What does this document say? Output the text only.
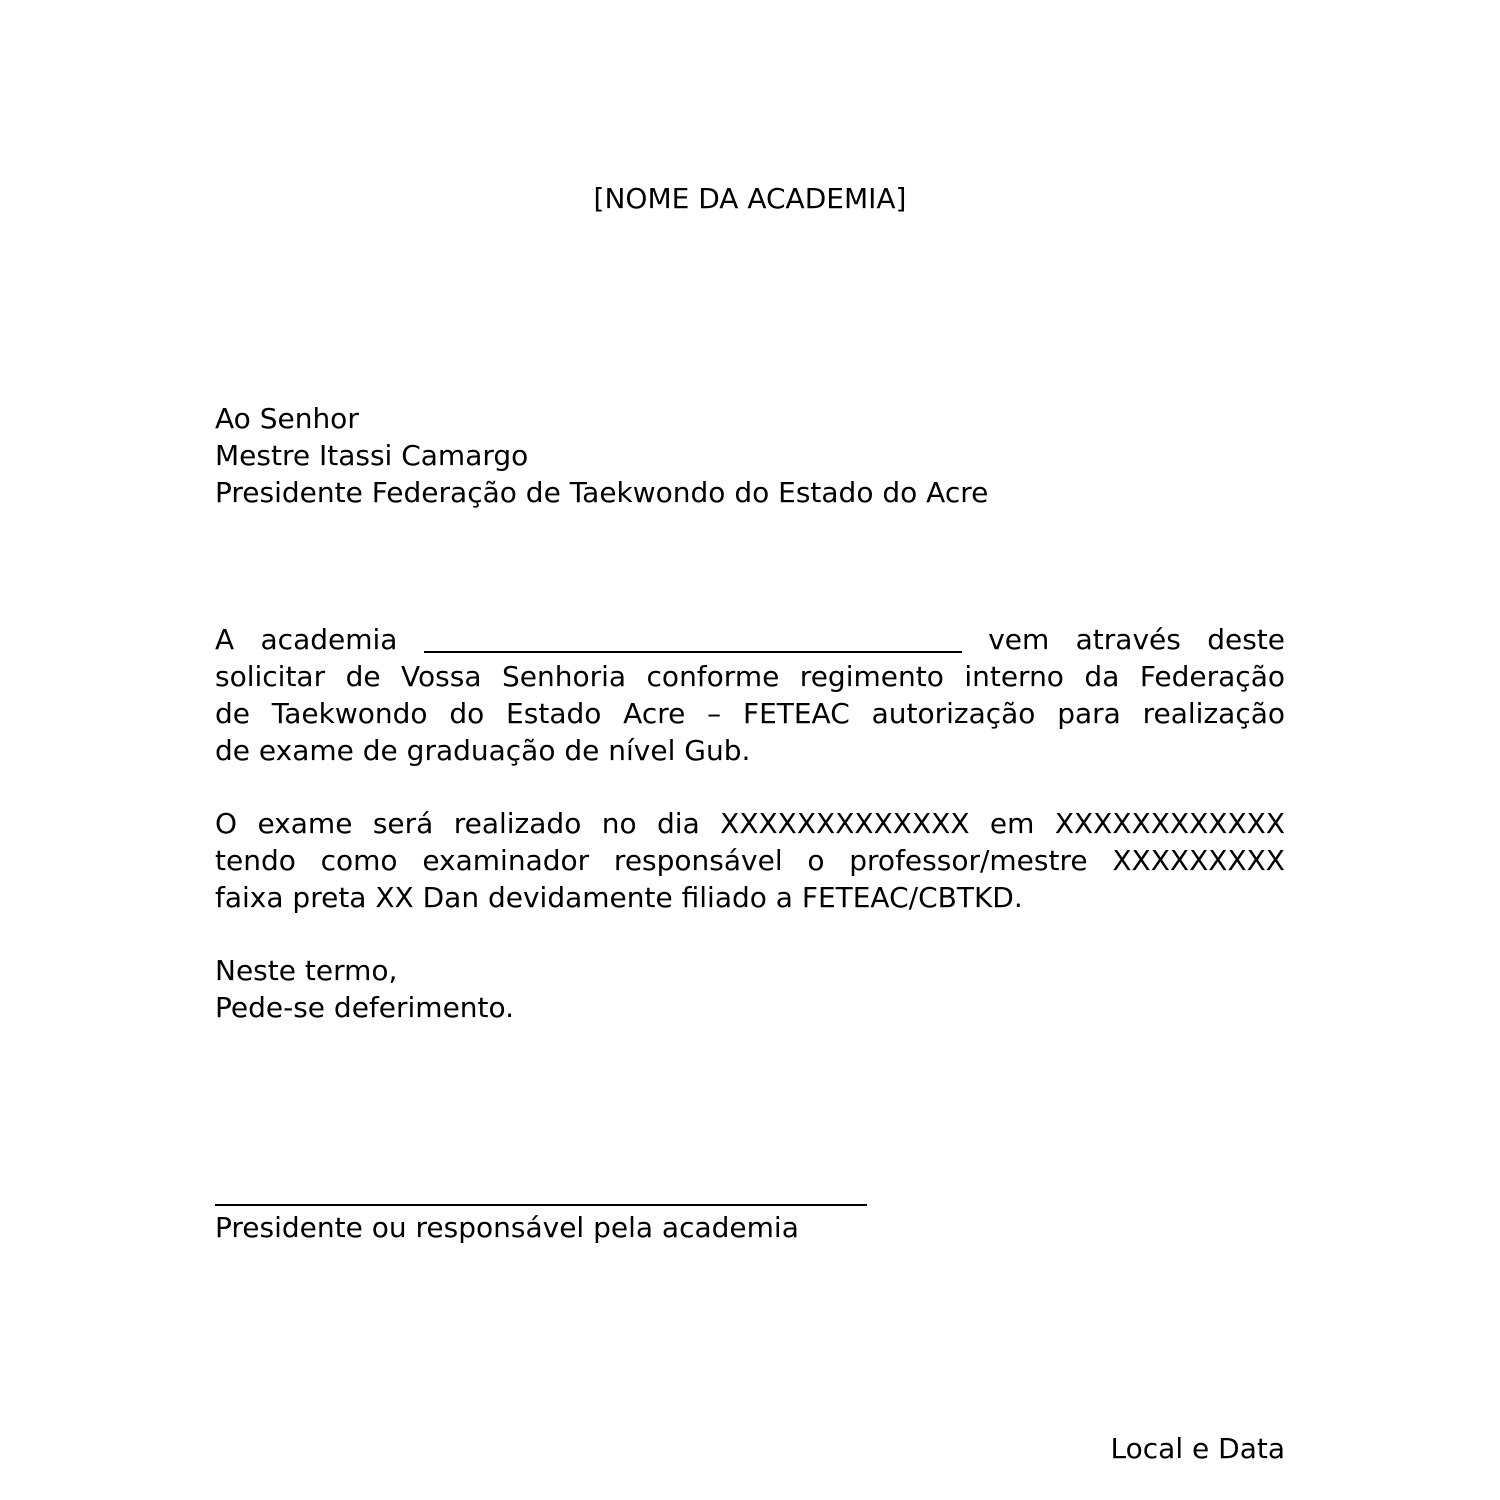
[NOME DA ACADEMIA]
Ao Senhor
Mestre Itassi Camargo
Presidente Federação de Taekwondo do Estado do Acre
A academia	vem através deste
solicitar de Vossa Senhoria conforme regimento interno da Federação
de Taekwondo do Estado Acre – FETEAC autorização para realização
de exame de graduação de nível Gub.
O exame será realizado no dia XXXXXXXXXXXXX em XXXXXXXXXXXX
tendo como examinador responsável o professor/mestre XXXXXXXXX
faixa preta XX Dan devidamente filiado a FETEAC/CBTKD.
Neste termo,
Pede-se deferimento.
Presidente ou responsável pela academia
Local e Data
